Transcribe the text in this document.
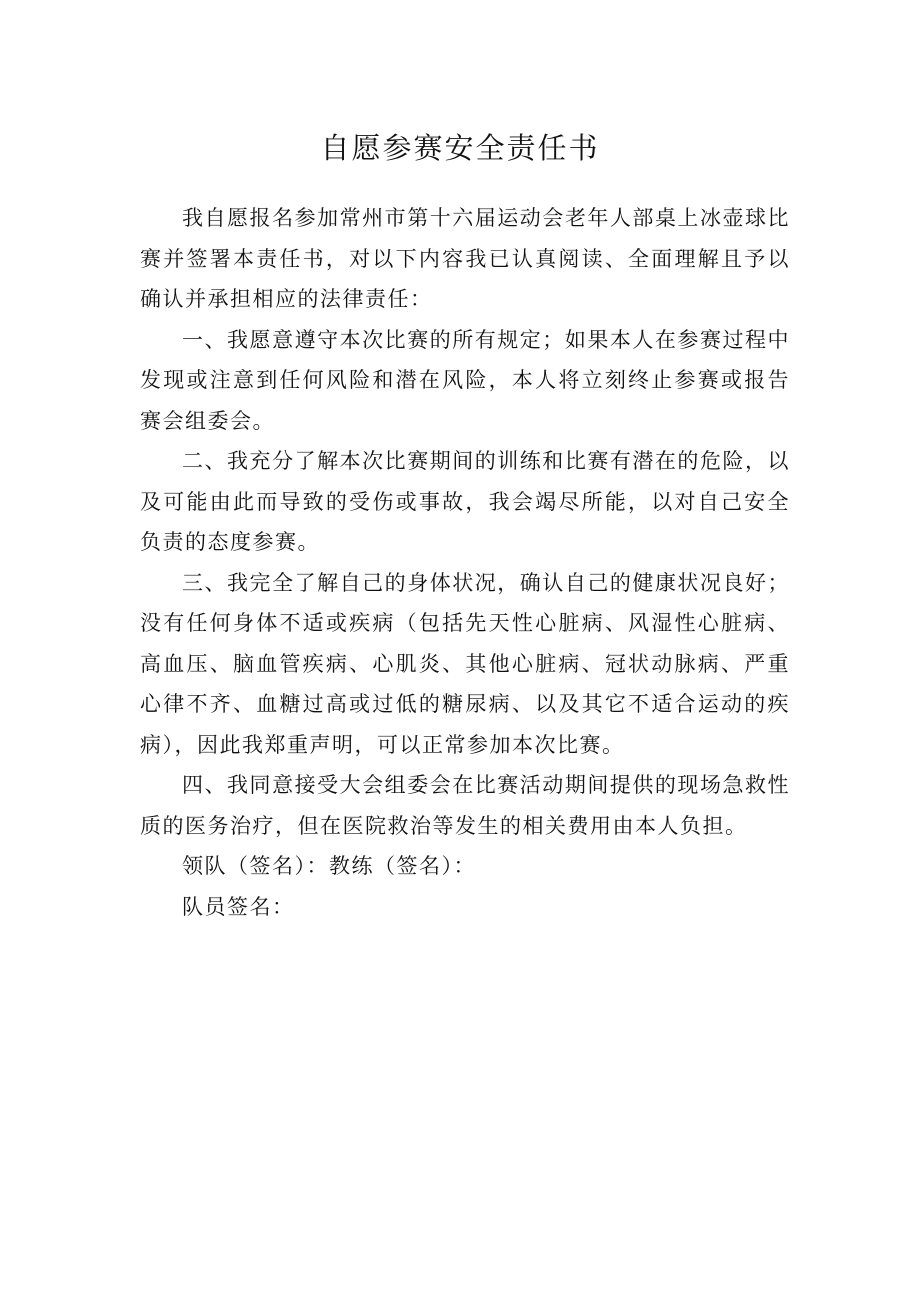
自愿参赛安全责任书

我自愿报名参加常州市第十六届运动会老年人部桌上冰壶球比赛并签署本责任书，对以下内容我已认真阅读、全面理解且予以确认并承担相应的法律责任：

一、我愿意遵守本次比赛的所有规定；如果本人在参赛过程中发现或注意到任何风险和潜在风险，本人将立刻终止参赛或报告赛会组委会。

二、我充分了解本次比赛期间的训练和比赛有潜在的危险，以及可能由此而导致的受伤或事故，我会竭尽所能，以对自己安全负责的态度参赛。

三、我完全了解自己的身体状况，确认自己的健康状况良好；没有任何身体不适或疾病（包括先天性心脏病、风湿性心脏病、高血压、脑血管疾病、心肌炎、其他心脏病、冠状动脉病、严重心律不齐、血糖过高或过低的糖尿病、以及其它不适合运动的疾病），因此我郑重声明，可以正常参加本次比赛。

四、我同意接受大会组委会在比赛活动期间提供的现场急救性质的医务治疗，但在医院救治等发生的相关费用由本人负担。

领队（签名）：教练（签名）：

队员签名：
